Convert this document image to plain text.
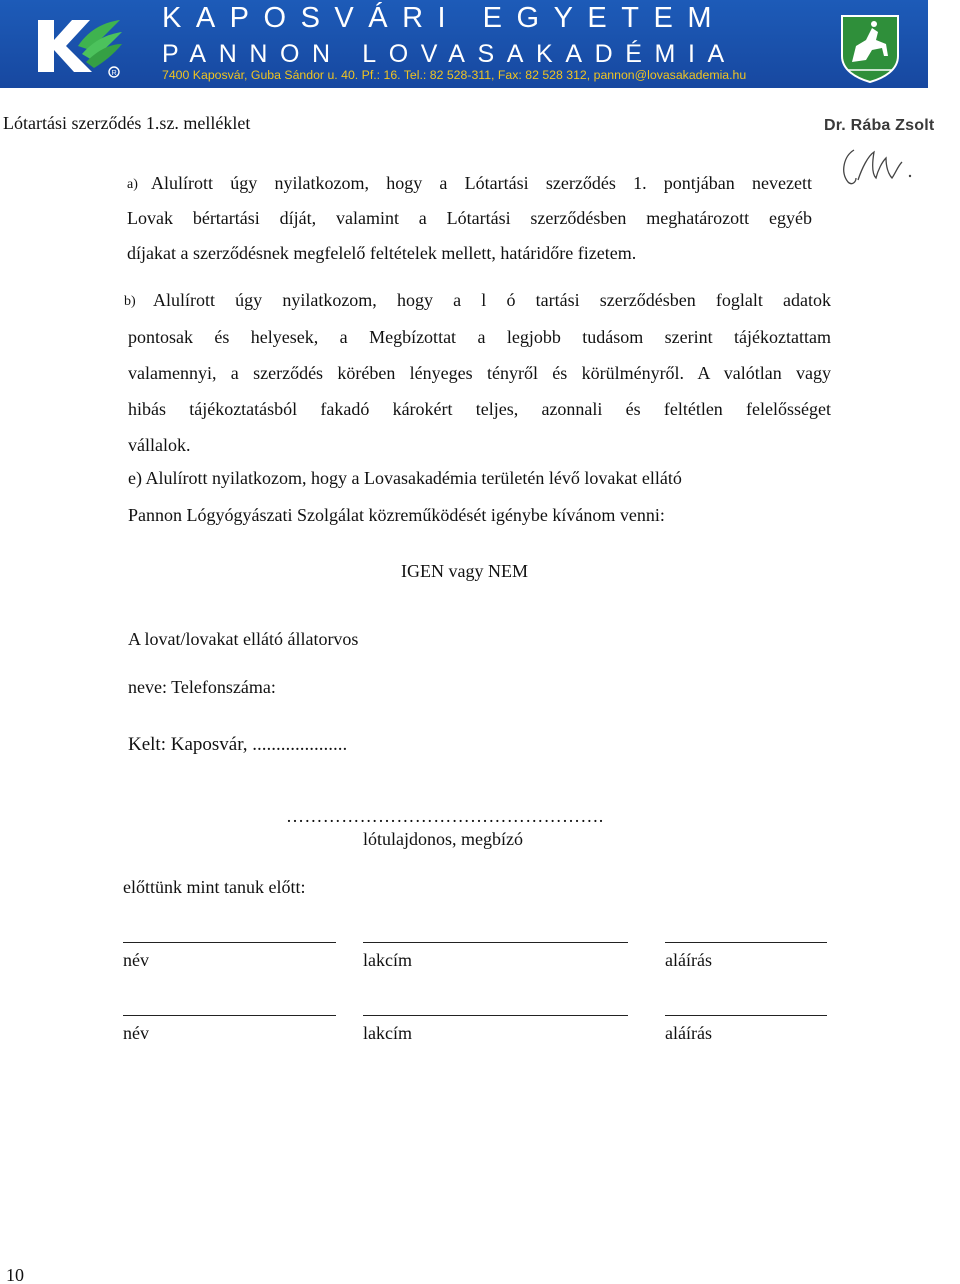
R
KAPOSVÁRI EGYETEM
PANNON LOVASAKADÉMIA
7400 Kaposvár, Guba Sándor u. 40. Pf.: 16. Tel.: 82 528-311, Fax: 82 528 312, pannon@lovasakademia.hu
Dr. Rába Zsolt
Lótartási szerződés 1.sz. melléklet
a) Alulírott úgy nyilatkozom, hogy a Lótartási szerződés 1. pontjában nevezett
Lovak bértartási díját, valamint a Lótartási szerződésben meghatározott egyéb
díjakat a szerződésnek megfelelő feltételek mellett, határidőre fizetem.
b) Alulírott úgy nyilatkozom, hogy a l ó tartási szerződésben foglalt adatok
pontosak és helyesek, a Megbízottat a legjobb tudásom szerint tájékoztattam
valamennyi, a szerződés körében lényeges tényről és körülményről. A valótlan vagy
hibás tájékoztatásból fakadó károkért teljes, azonnali és feltétlen felelősséget
vállalok.
e) Alulírott nyilatkozom, hogy a Lovasakadémia területén lévő lovakat ellátó
Pannon Lógyógyászati Szolgálat közreműködését igénybe kívánom venni:
IGEN vagy NEM
A lovat/lovakat ellátó állatorvos
neve: Telefonszáma:
Kelt: Kaposvár, ....................
…………………………………………….
lótulajdonos, megbízó
előttünk mint tanuk előtt:
név	lakcím	aláírás
név	lakcím	aláírás
10
